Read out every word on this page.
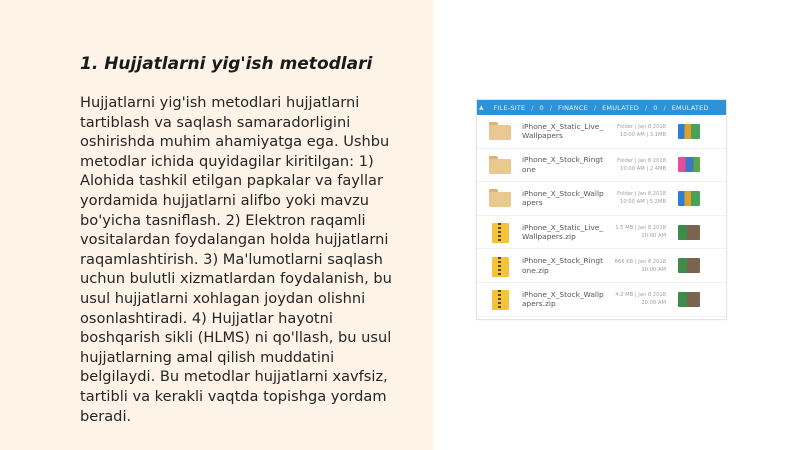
1. Hujjatlarni yig'ish metodlari

Hujjatlarni yig'ish metodlari hujjatlarni tartiblash va saqlash samaradorligini oshirishda muhim ahamiyatga ega. Ushbu metodlar ichida quyidagilar kiritilgan: 1) Alohida tashkil etilgan papkalar va fayllar yordamida hujjatlarni alifbo yoki mavzu bo'yicha tasniflash. 2) Elektron raqamli vositalardan foydalangan holda hujjatlarni raqamlashtirish. 3) Ma'lumotlarni saqlash uchun bulutli xizmatlardan foydalanish, bu usul hujjatlarni xohlagan joydan olishni osonlashtiradi. 4) Hujjatlar hayotni boshqarish sikli (HLMS) ni qo'llash, bu usul hujjatlarning amal qilish muddatini belgilaydi. Bu metodlar hujjatlarni xavfsiz, tartibli va kerakli vaqtda topishga yordam beradi.

▲ FILE-SITE / 0 / FINANCE / EMULATED / 0 / EMULATED
iPhone_X_Static_Live_Wallpapers
Folder | Jan 8 2018
10:00 AM | 3.1MB
iPhone_X_Stock_Ringtone
Folder | Jan 8 2018
10:00 AM | 2.4MB
iPhone_X_Stock_Wallpapers
Folder | Jan 8 2018
10:00 AM | 5.2MB
iPhone_X_Static_Live_Wallpapers.zip
1.5 MB | Jan 8 2018
10:00 AM
iPhone_X_Stock_Ringtone.zip
866 KB | Jan 8 2018
10:00 AM
iPhone_X_Stock_Wallpapers.zip
4.2 MB | Jan 8 2018
10:00 AM
